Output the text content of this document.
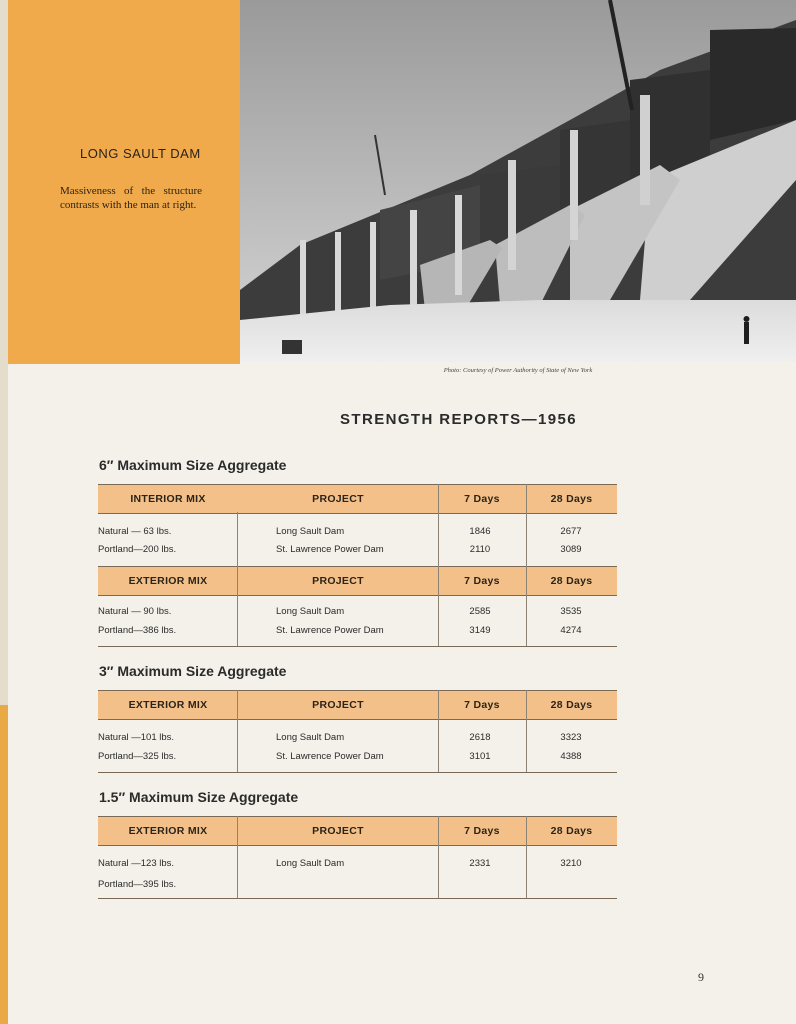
LONG SAULT DAM
Massiveness of the structure contrasts with the man at right.
Photo: Courtesy of Power Authority of State of New York
STRENGTH REPORTS—1956
6″ Maximum Size Aggregate
INTERIOR MIX	PROJECT	7 Days	28 Days
Natural — 63 lbs.	Long Sault Dam	1846	2677
Portland—200 lbs.	St. Lawrence Power Dam	2110	3089
EXTERIOR MIX	PROJECT	7 Days	28 Days
Natural — 90 lbs.	Long Sault Dam	2585	3535
Portland—386 lbs.	St. Lawrence Power Dam	3149	4274
3″ Maximum Size Aggregate
EXTERIOR MIX	PROJECT	7 Days	28 Days
Natural —101 lbs.	Long Sault Dam	2618	3323
Portland—325 lbs.	St. Lawrence Power Dam	3101	4388
1.5″ Maximum Size Aggregate
EXTERIOR MIX	PROJECT	7 Days	28 Days
Natural —123 lbs.	Long Sault Dam	2331	3210
Portland—395 lbs.
9
